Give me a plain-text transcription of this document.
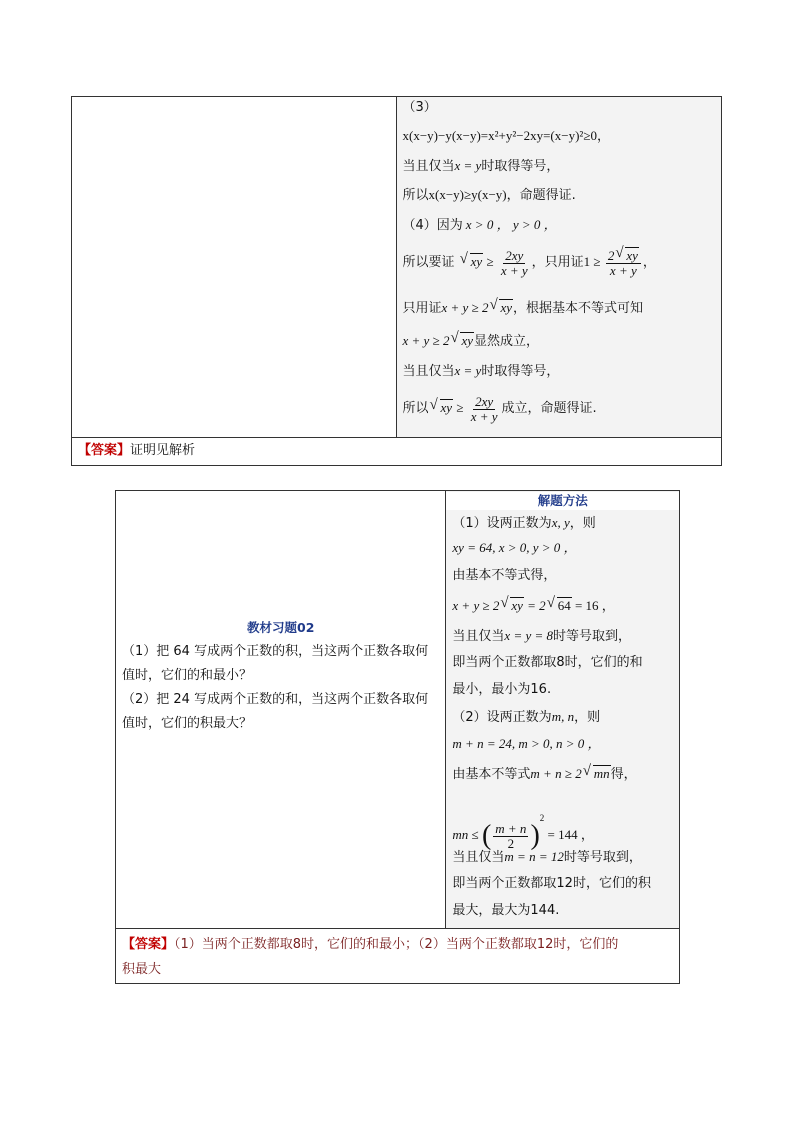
（3）
x(x−y)−y(x−y)=x²+y²−2xy=(x−y)²≥0，
当且仅当x = y时取得等号，
所以x(x−y)≥y(x−y)，命题得证.
（4）因为 x > 0 ， y > 0 ，
所以要证 √ xy ≥ $\frac{2xy}{x + y}$ ，只用证$1 \ge \frac{2 √ xy}{x + y}$ ，
只用证x + y ≥ 2 √ xy，根据基本不等式可知
x + y ≥ 2 √ xy显然成立，
当且仅当x = y时取得等号，
所以 √ xy ≥ $\frac{2xy}{x + y}$ 成立，命题得证.

【答案】证明见解析
教材习题02
（1）把 64 写成两个正数的积，当这两个正数各取何值时，它们的和最小？
（2）把 24 写成两个正数的和，当这两个正数各取何值时，它们的积最大？

解题方法
（1）设两正数为x, y，则
xy = 64, x > 0, y > 0 ，
由基本不等式得，
x + y ≥ 2 √ xy = 2 √ 64 = 16 ，
当且仅当x = y = 8时等号取到，
即当两个正数都取8时，它们的和
最小，最小为16.
（2）设两正数为m, n，则
m + n = 24, m > 0, n > 0 ，
由基本不等式m + n ≥ 2 √ mn得，
mn ≤ ( $\frac{m + n}{2} )^2 = 144$ ，
当且仅当m = n = 12时等号取到，
即当两个正数都取12时，它们的积
最大，最大为144.

【答案】（1）当两个正数都取8时，它们的和最小；（2）当两个正数都取12时，它们的
积最大
